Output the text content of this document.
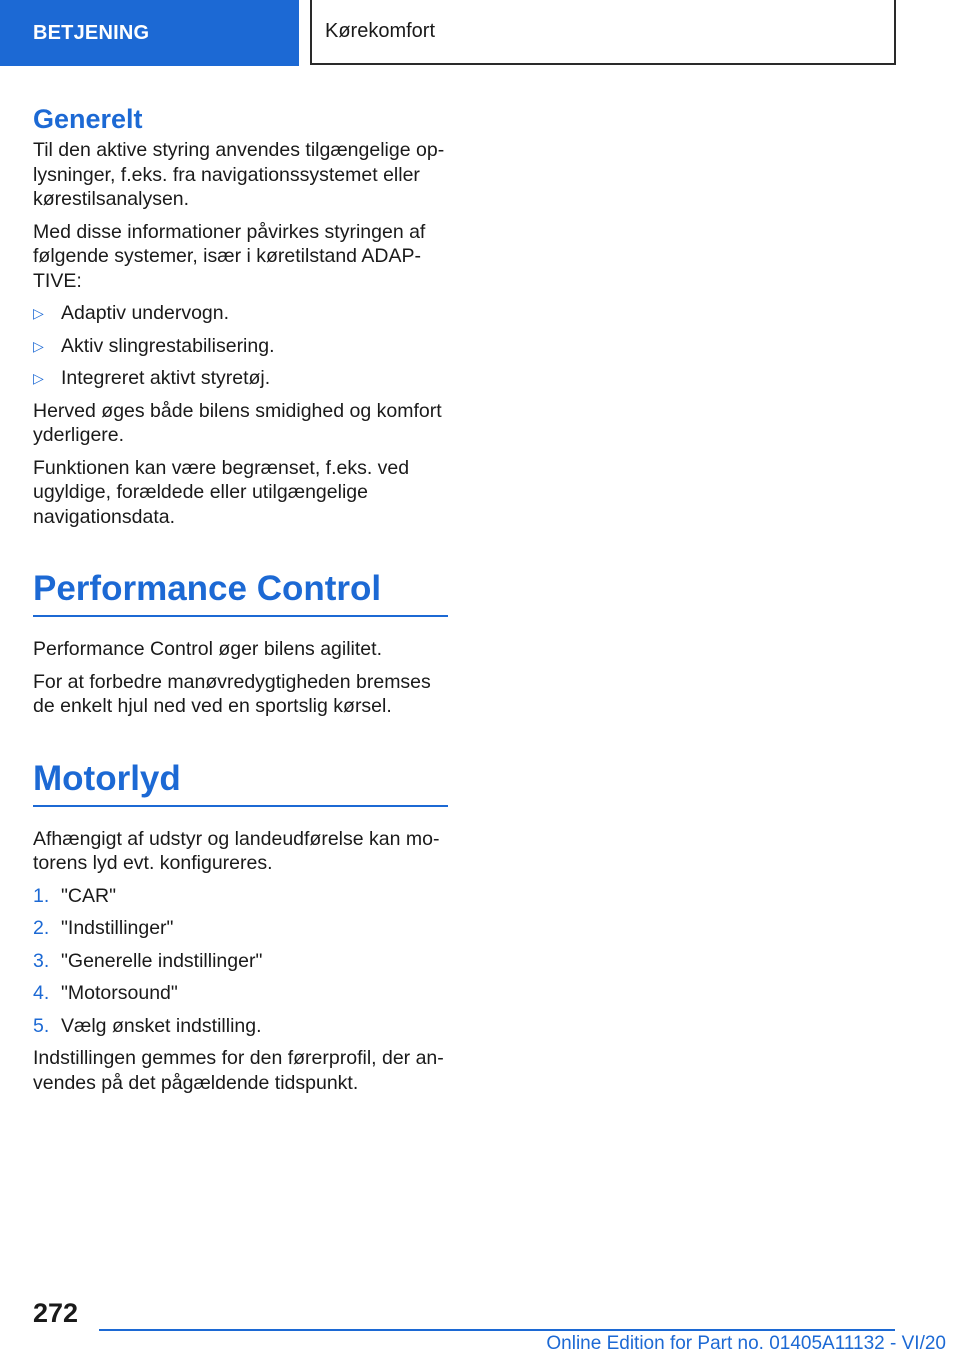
BETJENING	Kørekomfort
Generelt

Til den aktive styring anvendes tilgængelige oplysninger, f.eks. fra navigationssystemet eller kørestilsanalysen.

Med disse informationer påvirkes styringen af følgende systemer, især i køretilstand ADAPTIVE:

▷ Adaptiv undervogn.
▷ Aktiv slingrestabilisering.
▷ Integreret aktivt styretøj.

Herved øges både bilens smidighed og komfort yderligere.

Funktionen kan være begrænset, f.eks. ved ugyldige, forældede eller utilgængelige navigationsdata.

Performance Control

Performance Control øger bilens agilitet.

For at forbedre manøvredygtigheden bremses de enkelt hjul ned ved en sportslig kørsel.

Motorlyd

Afhængigt af udstyr og landeudførelse kan motorens lyd evt. konfigureres.

1. "CAR"
2. "Indstillinger"
3. "Generelle indstillinger"
4. "Motorsound"
5. Vælg ønsket indstilling.

Indstillingen gemmes for den førerprofil, der anvendes på det pågældende tidspunkt.

272
Online Edition for Part no. 01405A11132 - VI/20
